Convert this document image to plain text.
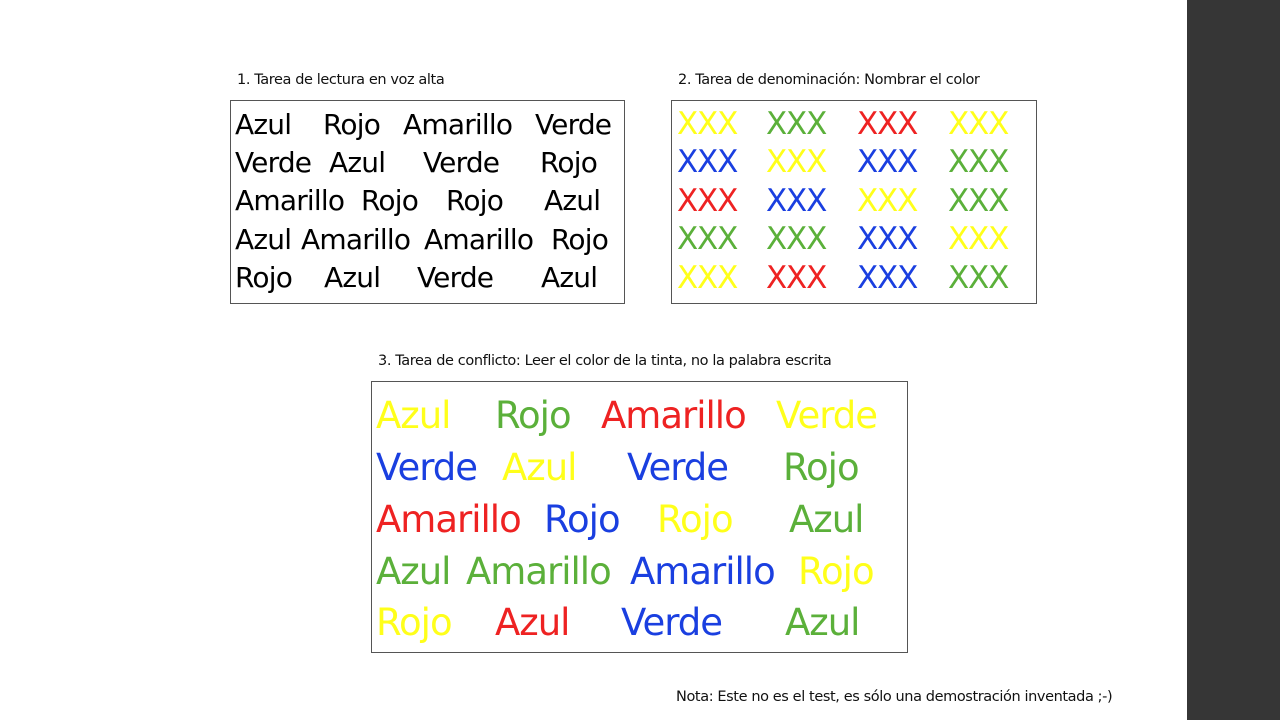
1. Tarea de lectura en voz alta

Azul Rojo Amarillo Verde
Verde Azul Verde Rojo
Amarillo Rojo Rojo Azul
Azul Amarillo Amarillo Rojo
Rojo Azul Verde Azul

2. Tarea de denominación: Nombrar el color

XXX XXX XXX XXX
XXX XXX XXX XXX
XXX XXX XXX XXX
XXX XXX XXX XXX
XXX XXX XXX XXX

3. Tarea de conflicto: Leer el color de la tinta, no la palabra escrita

Azul Rojo Amarillo Verde
Verde Azul Verde Rojo
Amarillo Rojo Rojo Azul
Azul Amarillo Amarillo Rojo
Rojo Azul Verde Azul

Nota: Este no es el test, es sólo una demostración inventada ;-)
